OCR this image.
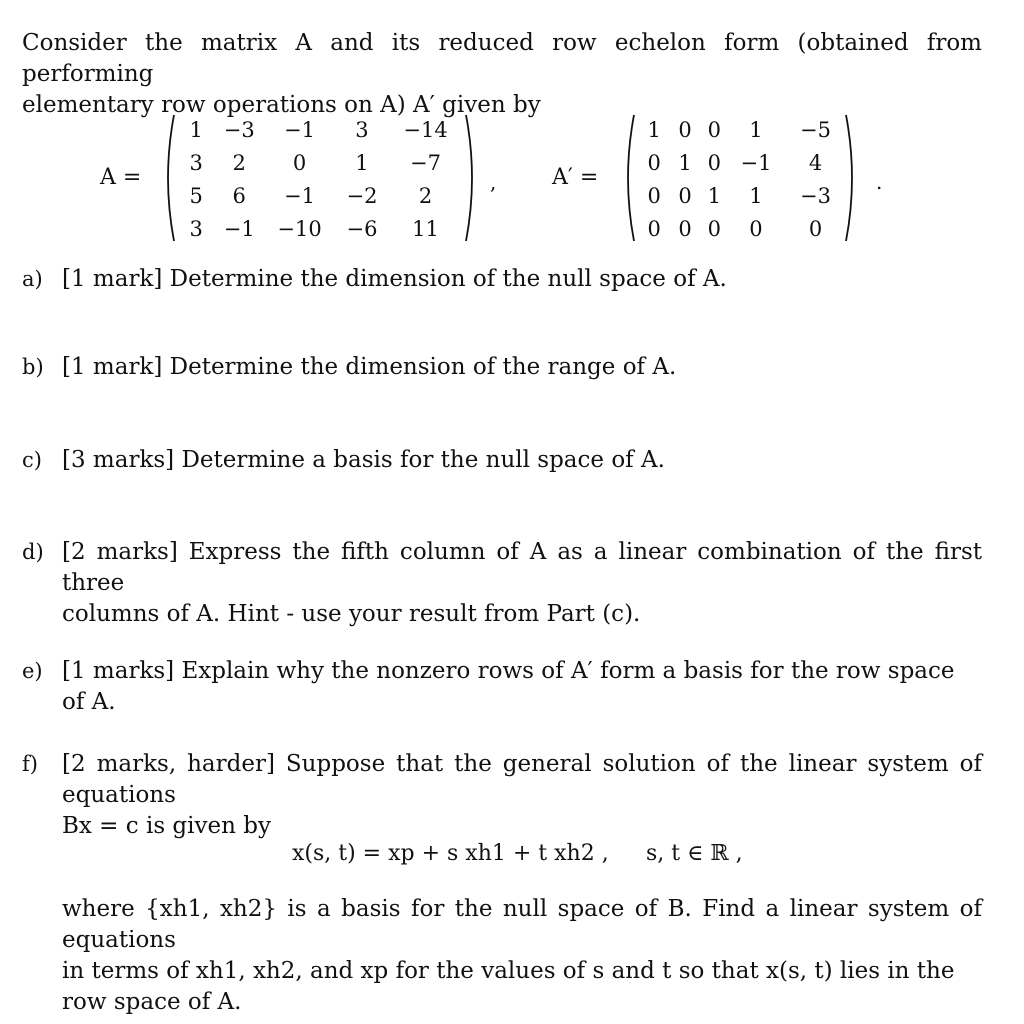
Consider the matrix A and its reduced row echelon form (obtained from performing
elementary row operations on A) A′ given by
A =
1	−3	−1	3	−14
3	2	0	1	−7
5	6	−1	−2	2
3	−1	−10	−6	11
,	A′ =
1	0	0	1	−5
0	1	0	−1	4
0	0	1	1	−3
0	0	0	0	0
.
a) [1 mark] Determine the dimension of the null space of A.
b) [1 mark] Determine the dimension of the range of A.
c) [3 marks] Determine a basis for the null space of A.
d) [2 marks] Express the fifth column of A as a linear combination of the first three
columns of A. Hint - use your result from Part (c).
e) [1 marks] Explain why the nonzero rows of A′ form a basis for the row space of A.
f) [2 marks, harder] Suppose that the general solution of the linear system of equations
Bx = c is given by
x(s, t) = xp + s xh1 + t xh2 , s, t ∈ ℝ ,
where {xh1, xh2} is a basis for the null space of B. Find a linear system of equations
in terms of xh1, xh2, and xp for the values of s and t so that x(s, t) lies in the
row space of A.
